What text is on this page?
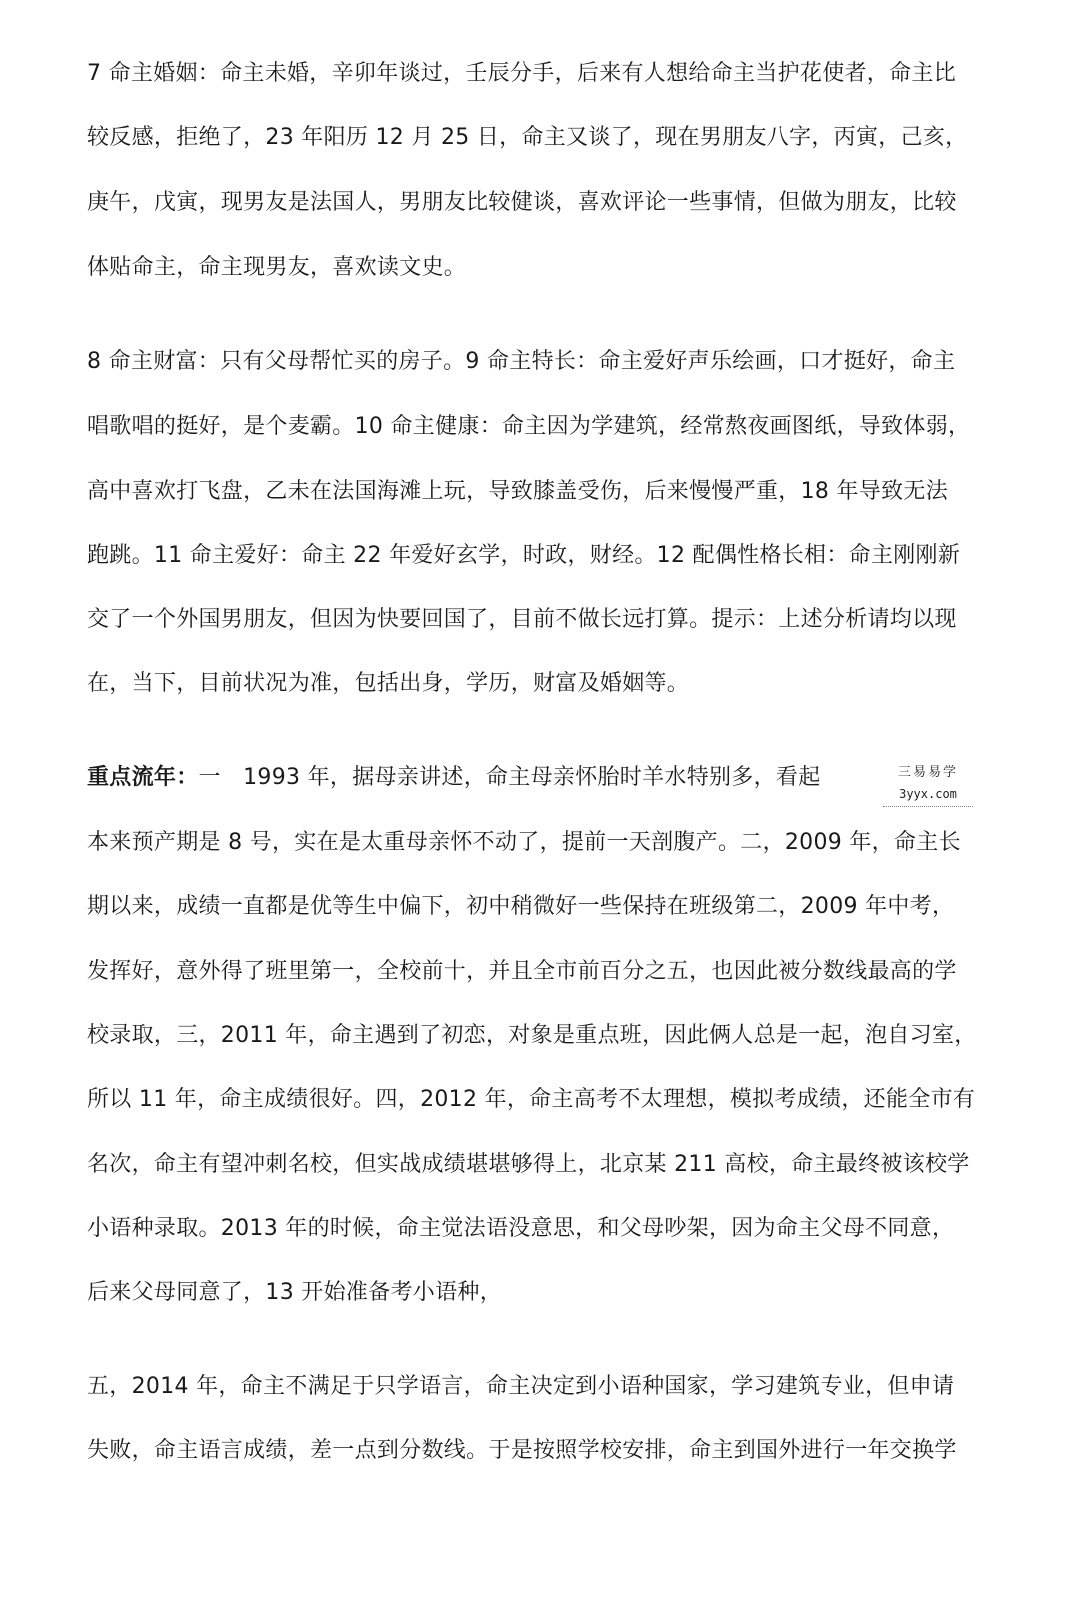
7 命主婚姻：命主未婚，辛卯年谈过，壬辰分手，后来有人想给命主当护花使者，命主比
较反感，拒绝了，23 年阳历 12 月 25 日，命主又谈了，现在男朋友八字，丙寅，己亥，
庚午，戊寅，现男友是法国人，男朋友比较健谈，喜欢评论一些事情，但做为朋友，比较
体贴命主，命主现男友，喜欢读文史。
8 命主财富：只有父母帮忙买的房子。9 命主特长：命主爱好声乐绘画，口才挺好，命主
唱歌唱的挺好，是个麦霸。10 命主健康：命主因为学建筑，经常熬夜画图纸，导致体弱，
高中喜欢打飞盘，乙未在法国海滩上玩，导致膝盖受伤，后来慢慢严重，18 年导致无法
跑跳。11 命主爱好：命主 22 年爱好玄学，时政，财经。12 配偶性格长相：命主刚刚新
交了一个外国男朋友，但因为快要回国了，目前不做长远打算。提示：上述分析请均以现
在，当下，目前状况为准，包括出身，学历，财富及婚姻等。
重点流年：一　1993 年，据母亲讲述，命主母亲怀胎时羊水特别多，看起
本来预产期是 8 号，实在是太重母亲怀不动了，提前一天剖腹产。二，2009 年，命主长
期以来，成绩一直都是优等生中偏下，初中稍微好一些保持在班级第二，2009 年中考，
发挥好，意外得了班里第一，全校前十，并且全市前百分之五，也因此被分数线最高的学
校录取，三，2011 年，命主遇到了初恋，对象是重点班，因此俩人总是一起，泡自习室，
所以 11 年，命主成绩很好。四，2012 年，命主高考不太理想，模拟考成绩，还能全市有
名次，命主有望冲刺名校，但实战成绩堪堪够得上，北京某 211 高校，命主最终被该校学
小语种录取。2013 年的时候，命主觉法语没意思，和父母吵架，因为命主父母不同意，
后来父母同意了，13 开始准备考小语种，
五，2014 年，命主不满足于只学语言，命主决定到小语种国家，学习建筑专业，但申请
失败，命主语言成绩，差一点到分数线。于是按照学校安排，命主到国外进行一年交换学
三易易学
3yyx.com
